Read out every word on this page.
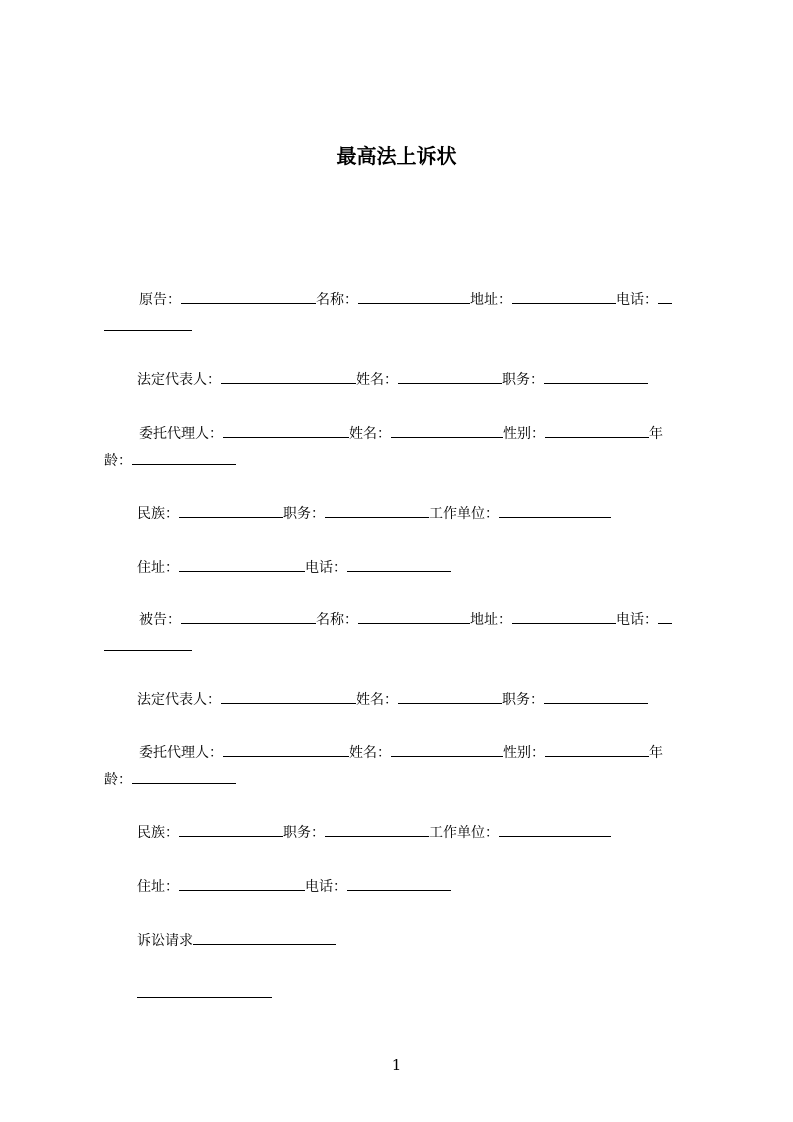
最高法上诉状
原告：	名称：	地址：	电话：
法定代表人：	姓名：	职务：
委托代理人：	姓名：	性别：	年
龄：
民族：	职务：	工作单位：
住址：	电话：
被告：	名称：	地址：	电话：
法定代表人：	姓名：	职务：
委托代理人：	姓名：	性别：	年
龄：
民族：	职务：	工作单位：
住址：	电话：
诉讼请求
1
